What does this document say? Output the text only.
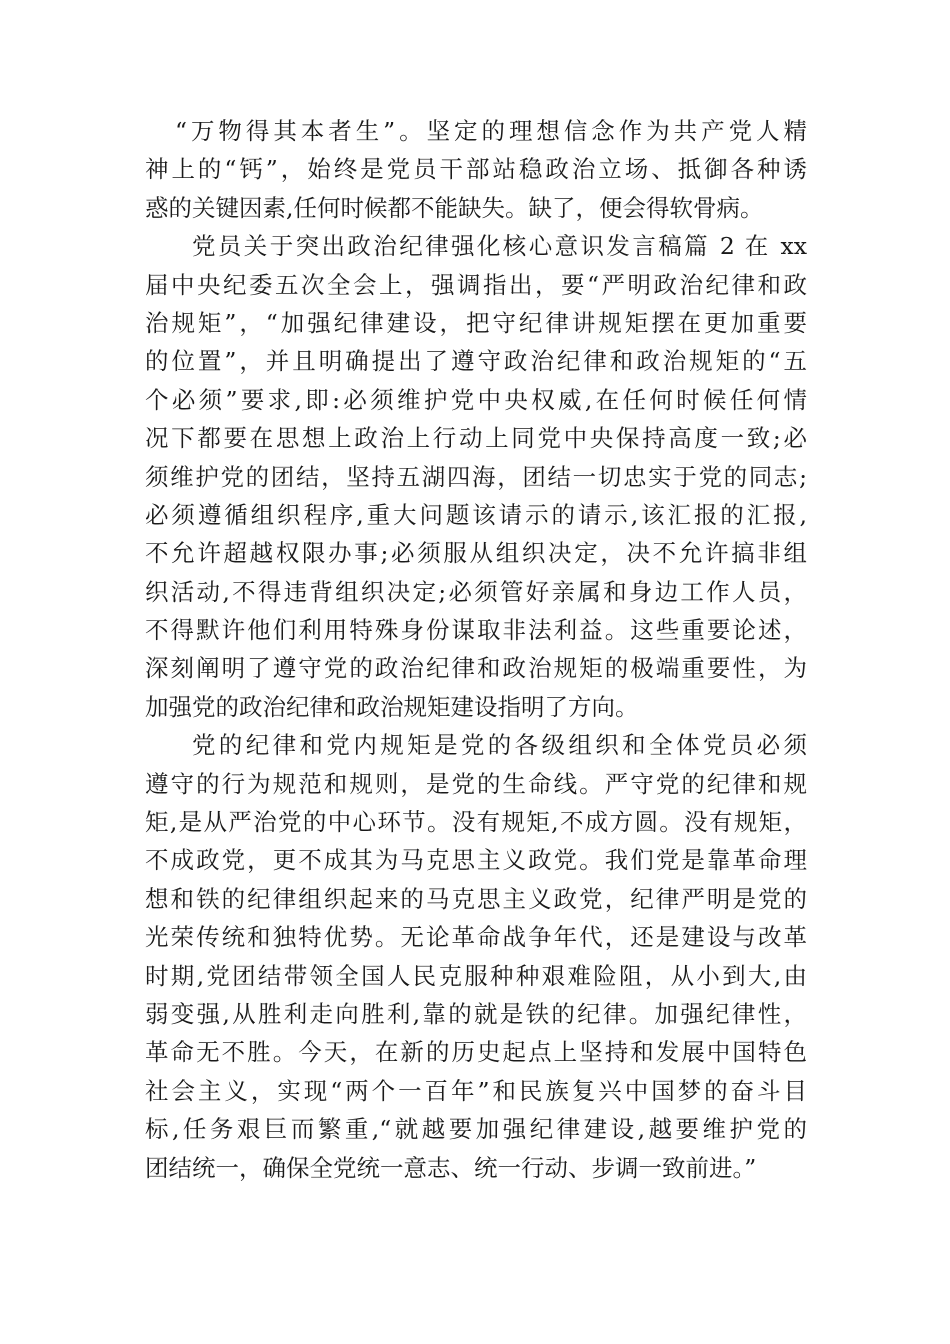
“万物得其本者生”。坚定的理想信念作为共产党人精
神上的“钙”，始终是党员干部站稳政治立场、抵御各种诱
惑的关键因素,任何时候都不能缺失。缺了，便会得软骨病。
党员关于突出政治纪律强化核心意识发言稿篇 2 在 xx
届中央纪委五次全会上，强调指出，要“严明政治纪律和政
治规矩”，“加强纪律建设，把守纪律讲规矩摆在更加重要
的位置”，并且明确提出了遵守政治纪律和政治规矩的“五
个必须”要求,即:必须维护党中央权威,在任何时候任何情
况下都要在思想上政治上行动上同党中央保持高度一致;必
须维护党的团结，坚持五湖四海，团结一切忠实于党的同志;
必须遵循组织程序,重大问题该请示的请示,该汇报的汇报,
不允许超越权限办事;必须服从组织决定，决不允许搞非组
织活动,不得违背组织决定;必须管好亲属和身边工作人员，
不得默许他们利用特殊身份谋取非法利益。这些重要论述，
深刻阐明了遵守党的政治纪律和政治规矩的极端重要性，为
加强党的政治纪律和政治规矩建设指明了方向。
党的纪律和党内规矩是党的各级组织和全体党员必须
遵守的行为规范和规则，是党的生命线。严守党的纪律和规
矩,是从严治党的中心环节。没有规矩,不成方圆。没有规矩，
不成政党，更不成其为马克思主义政党。我们党是靠革命理
想和铁的纪律组织起来的马克思主义政党，纪律严明是党的
光荣传统和独特优势。无论革命战争年代，还是建设与改革
时期,党团结带领全国人民克服种种艰难险阻，从小到大,由
弱变强,从胜利走向胜利,靠的就是铁的纪律。加强纪律性，
革命无不胜。今天，在新的历史起点上坚持和发展中国特色
社会主义，实现“两个一百年”和民族复兴中国梦的奋斗目
标,任务艰巨而繁重,“就越要加强纪律建设,越要维护党的
团结统一，确保全党统一意志、统一行动、步调一致前进。”
